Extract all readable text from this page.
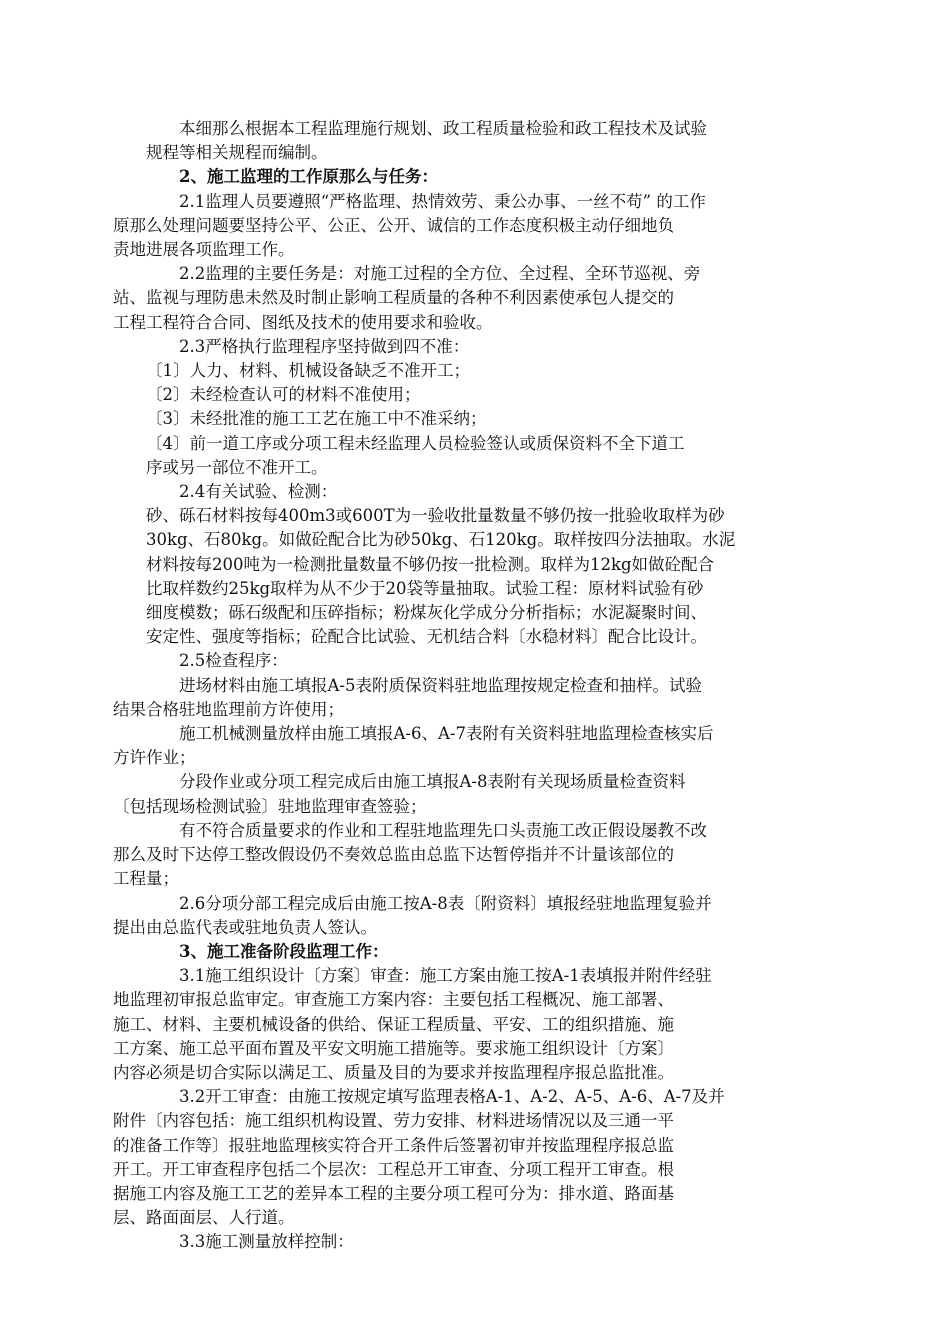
本细那么根据本工程监理施行规划、政工程质量检验和政工程技术及试验
规程等相关规程而编制。

2、施工监理的工作原那么与任务：

2.1监理人员要遵照“严格监理、热情效劳、秉公办事、一丝不苟” 的工作
原那么处理问题要坚持公平、公正、公开、诚信的工作态度积极主动仔细地负
责地进展各项监理工作。

2.2监理的主要任务是：对施工过程的全方位、全过程、全环节巡视、旁
站、监视与理防患未然及时制止影响工程质量的各种不利因素使承包人提交的
工程工程符合合同、图纸及技术的使用要求和验收。

2.3严格执行监理程序坚持做到四不准：

〔1〕人力、材料、机械设备缺乏不准开工；

〔2〕未经检查认可的材料不准使用；

〔3〕未经批准的施工工艺在施工中不准采纳；

〔4〕前一道工序或分项工程未经监理人员检验签认或质保资料不全下道工
序或另一部位不准开工。

2.4有关试验、检测：

砂、砾石材料按每400m3或600T为一验收批量数量不够仍按一批验收取样为砂
30kg、石80kg。如做砼配合比为砂50kg、石120kg。取样按四分法抽取。水泥
材料按每200吨为一检测批量数量不够仍按一批检测。取样为12kg如做砼配合
比取样数约25kg取样为从不少于20袋等量抽取。试验工程：原材料试验有砂
细度模数；砾石级配和压碎指标；粉煤灰化学成分分析指标；水泥凝聚时间、
安定性、强度等指标；砼配合比试验、无机结合料〔水稳材料〕配合比设计。

2.5检查程序：

进场材料由施工填报A-5表附质保资料驻地监理按规定检查和抽样。试验
结果合格驻地监理前方许使用；

施工机械测量放样由施工填报A-6、A-7表附有关资料驻地监理检查核实后
方许作业；

分段作业或分项工程完成后由施工填报A-8表附有关现场质量检查资料
〔包括现场检测试验〕驻地监理审查签验；

有不符合质量要求的作业和工程驻地监理先口头责施工改正假设屡教不改
那么及时下达停工整改假设仍不奏效总监由总监下达暂停指并不计量该部位的
工程量；

2.6分项分部工程完成后由施工按A-8表〔附资料〕填报经驻地监理复验并
提出由总监代表或驻地负责人签认。

3、施工准备阶段监理工作：

3.1施工组织设计〔方案〕审查：施工方案由施工按A-1表填报并附件经驻
地监理初审报总监审定。审查施工方案内容：主要包括工程概况、施工部署、
施工、材料、主要机械设备的供给、保证工程质量、平安、工的组织措施、施
工方案、施工总平面布置及平安文明施工措施等。要求施工组织设计〔方案〕
内容必须是切合实际以满足工、质量及目的为要求并按监理程序报总监批准。

3.2开工审查：由施工按规定填写监理表格A-1、A-2、A-5、A-6、A-7及并
附件〔内容包括：施工组织机构设置、劳力安排、材料进场情况以及三通一平
的准备工作等〕报驻地监理核实符合开工条件后签署初审并按监理程序报总监
开工。开工审查程序包括二个层次：工程总开工审查、分项工程开工审查。根
据施工内容及施工工艺的差异本工程的主要分项工程可分为：排水道、路面基
层、路面面层、人行道。

3.3施工测量放样控制：
